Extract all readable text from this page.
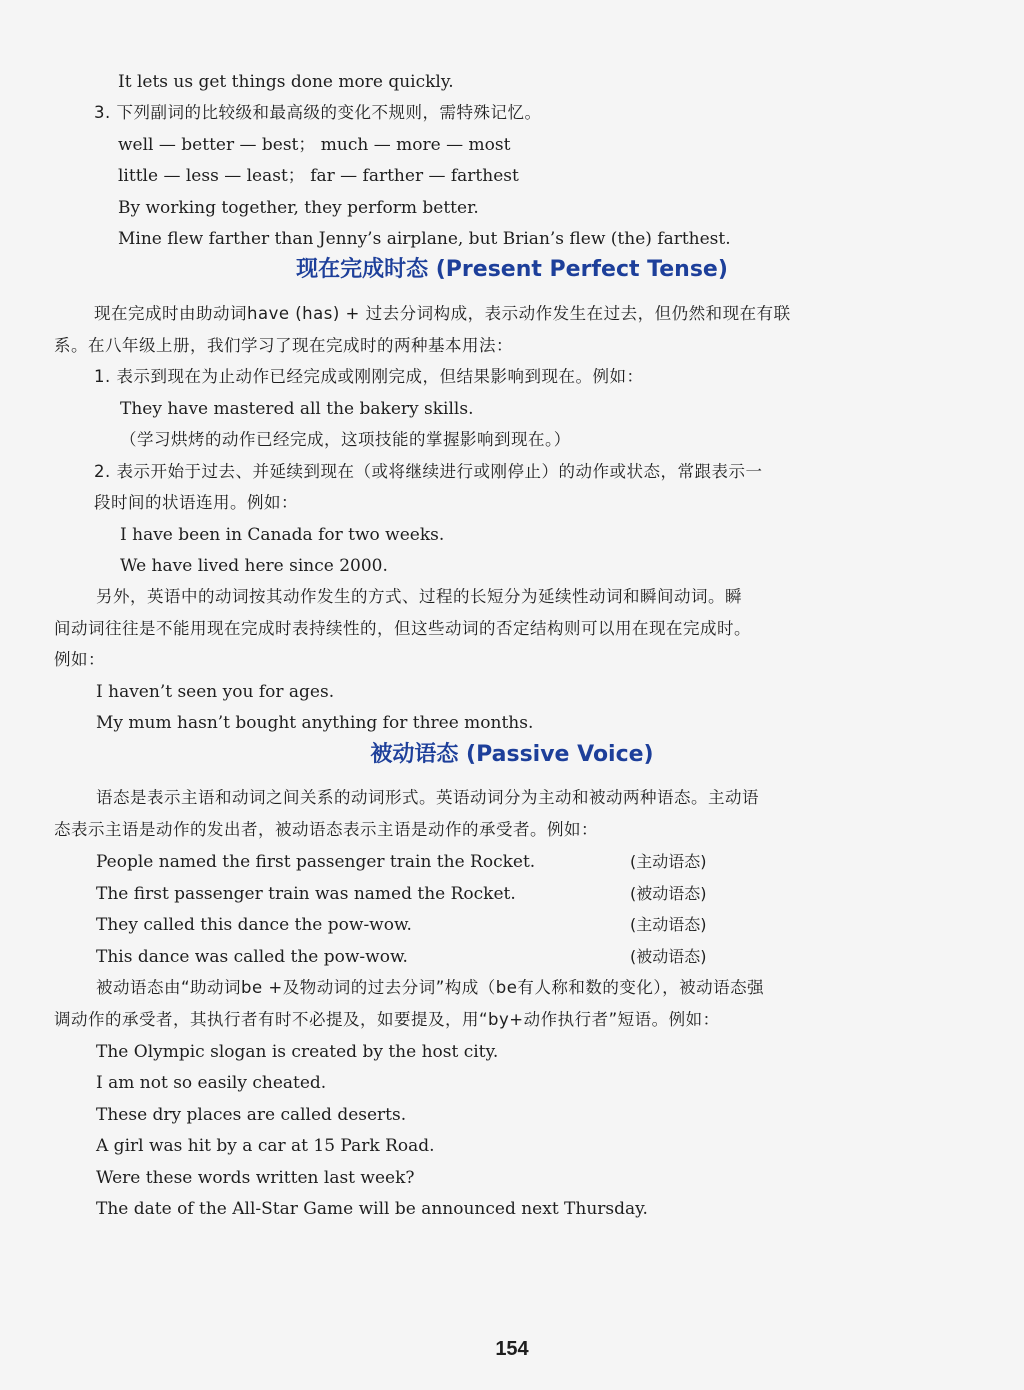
It lets us get things done more quickly.
3. 下列副词的比较级和最高级的变化不规则，需特殊记忆。
well — better — best； much — more — most
little — less — least； far — farther — farthest
By working together, they perform better.
Mine flew farther than Jenny’s airplane, but Brian’s flew (the) farthest.
现在完成时态 (Present Perfect Tense)
现在完成时由助动词have (has) + 过去分词构成，表示动作发生在过去，但仍然和现在有联
系。在八年级上册，我们学习了现在完成时的两种基本用法：
1. 表示到现在为止动作已经完成或刚刚完成，但结果影响到现在。例如：
They have mastered all the bakery skills.
（学习烘烤的动作已经完成，这项技能的掌握影响到现在。）
2. 表示开始于过去、并延续到现在（或将继续进行或刚停止）的动作或状态，常跟表示一
段时间的状语连用。例如：
I have been in Canada for two weeks.
We have lived here since 2000.
另外，英语中的动词按其动作发生的方式、过程的长短分为延续性动词和瞬间动词。瞬
间动词往往是不能用现在完成时表持续性的，但这些动词的否定结构则可以用在现在完成时。
例如：
I haven’t seen you for ages.
My mum hasn’t bought anything for three months.
被动语态 (Passive Voice)
语态是表示主语和动词之间关系的动词形式。英语动词分为主动和被动两种语态。主动语
态表示主语是动作的发出者，被动语态表示主语是动作的承受者。例如：
People named the first passenger train the Rocket.	(主动语态)
The first passenger train was named the Rocket.	(被动语态)
They called this dance the pow-wow.	(主动语态)
This dance was called the pow-wow.	(被动语态)
被动语态由“助动词be +及物动词的过去分词”构成（be有人称和数的变化），被动语态强
调动作的承受者，其执行者有时不必提及，如要提及，用“by+动作执行者”短语。例如：
The Olympic slogan is created by the host city.
I am not so easily cheated.
These dry places are called deserts.
A girl was hit by a car at 15 Park Road.
Were these words written last week?
The date of the All-Star Game will be announced next Thursday.
154
